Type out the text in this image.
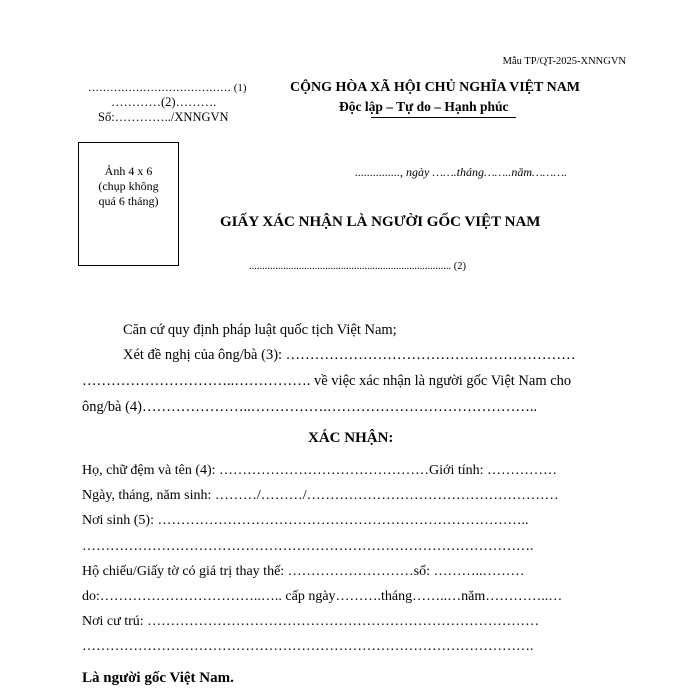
Mẫu TP/QT-2025-XNNGVN
………………………………… (1)
…………(2)……….
Số:…………../XNNGVN
CỘNG HÒA XÃ HỘI CHỦ NGHĨA VIỆT NAM
Độc lập – Tự do – Hạnh phúc
Ảnh 4 x 6
(chụp không
quá 6 tháng)
..............., ngày …….tháng……..năm……….
GIẤY XÁC NHẬN LÀ NGƯỜI GỐC VIỆT NAM
............................................................................. (2)
Căn cứ quy định pháp luật quốc tịch Việt Nam;
Xét đề nghị của ông/bà (3): ……………………………………………………
…………………………..……………. về việc xác nhận là người gốc Việt Nam cho
ông/bà (4)…………………..…………….……………………………………..
XÁC NHẬN:
Họ, chữ đệm và tên (4): ………………………………………Giới tính: ……………
Ngày, tháng, năm sinh: ………/………/………………………………………………
Nơi sinh (5): ……………………………………………………………………..
…………………………………………………………………………………….
Hộ chiếu/Giấy tờ có giá trị thay thế: ………………………số: ………..………
do:……………………………..….. cấp ngày……….tháng……..…năm…………..…
Nơi cư trú: …………………………………………………………………………
…………………………………………………………………………………….
Là người gốc Việt Nam.
